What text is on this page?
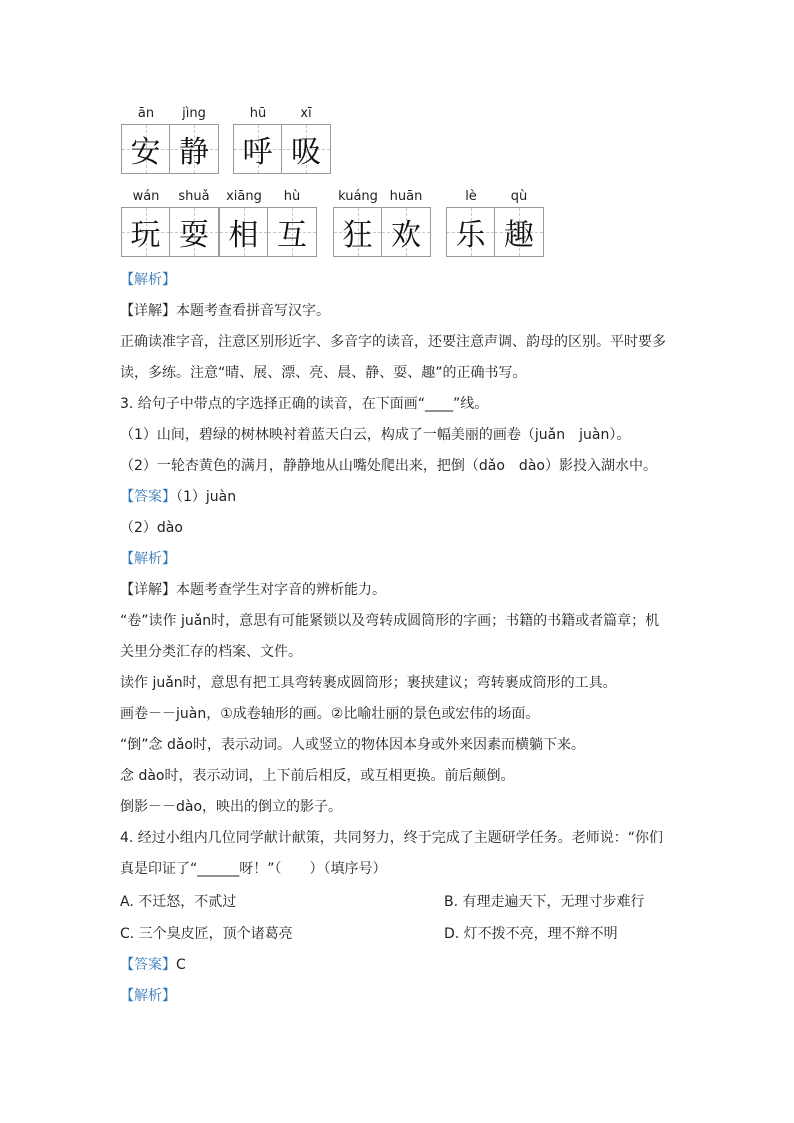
ān	jìng
安 静
hū	xī
呼 吸
wán	shuǎ
玩 耍
xiāng	hù
相 互
kuáng huān
狂 欢
lè	qù
乐 趣
【解析】
【详解】本题考查看拼音写汉字。
正确读准字音，注意区别形近字、多音字的读音，还要注意声调、韵母的区别。平时要多
读，多练。注意“晴、展、漂、亮、晨、静、耍、趣”的正确书写。
3. 给句子中带点的字选择正确的读音，在下面画“____”线。
（1）山间，碧绿的树林映衬着蓝天白云，构成了一幅美丽的画卷（juǎn　juàn）。
（2）一轮杏黄色的满月，静静地从山嘴处爬出来，把倒（dǎo　dào）影投入湖水中。
【答案】（1）juàn
（2）dào
【解析】
【详解】本题考查学生对字音的辨析能力。
“卷”读作 juǎn时，意思有可能紧锁以及弯转成圆筒形的字画；书籍的书籍或者篇章；机
关里分类汇存的档案、文件。
读作 juǎn时，意思有把工具弯转裹成圆筒形；裹挟建议；弯转裹成筒形的工具。
画卷－－juàn，①成卷轴形的画。②比喻壮丽的景色或宏伟的场面。
“倒”念 dǎo时，表示动词。人或竖立的物体因本身或外来因素而横躺下来。
念 dào时，表示动词，上下前后相反，或互相更换。前后颠倒。
倒影－－dào，映出的倒立的影子。
4. 经过小组内几位同学献计献策，共同努力，终于完成了主题研学任务。老师说：“你们
真是印证了“______呀！”（　　）（填序号）
A. 不迁怒，不贰过	B. 有理走遍天下，无理寸步难行
C. 三个臭皮匠，顶个诸葛亮	D. 灯不拨不亮，理不辩不明
【答案】C
【解析】
